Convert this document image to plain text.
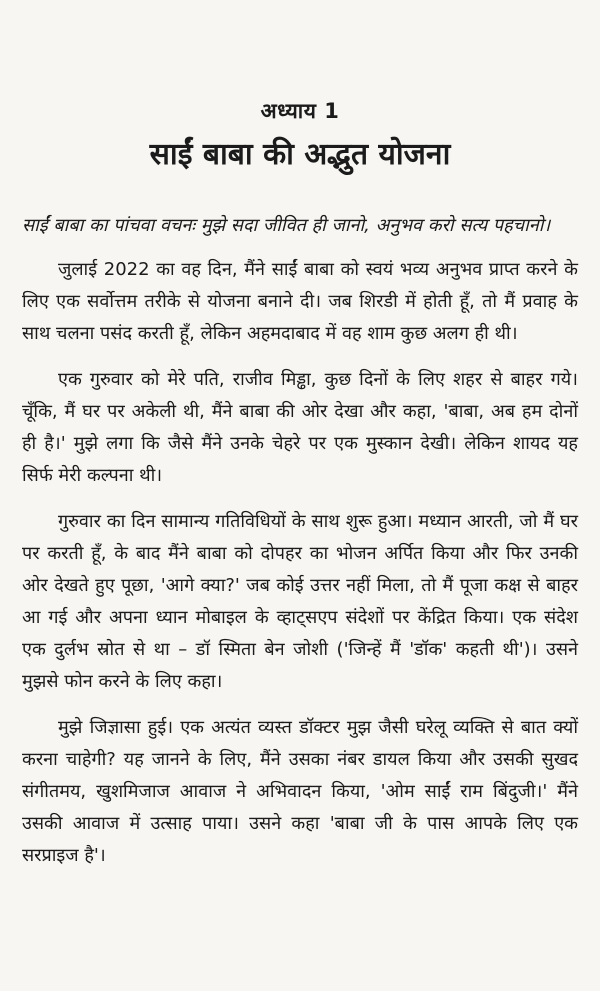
अध्याय 1
साईं बाबा की अद्भुत योजना

साईं बाबा का पांचवा वचनः मुझे सदा जीवित ही जानो, अनुभव करो सत्य पहचानो।

जुलाई 2022 का वह दिन, मैंने साईं बाबा को स्वयं भव्य अनुभव प्राप्त करने के लिए एक सर्वोत्तम तरीके से योजना बनाने दी। जब शिरडी में होती हूँ, तो मैं प्रवाह के साथ चलना पसंद करती हूँ, लेकिन अहमदाबाद में वह शाम कुछ अलग ही थी।

एक गुरुवार को मेरे पति, राजीव मिड्ढा, कुछ दिनों के लिए शहर से बाहर गये। चूँकि, मैं घर पर अकेली थी, मैंने बाबा की ओर देखा और कहा, 'बाबा, अब हम दोनों ही है।' मुझे लगा कि जैसे मैंने उनके चेहरे पर एक मुस्कान देखी। लेकिन शायद यह सिर्फ मेरी कल्पना थी।

गुरुवार का दिन सामान्य गतिविधियों के साथ शुरू हुआ। मध्यान आरती, जो मैं घर पर करती हूँ, के बाद मैंने बाबा को दोपहर का भोजन अर्पित किया और फिर उनकी ओर देखते हुए पूछा, 'आगे क्या?' जब कोई उत्तर नहीं मिला, तो मैं पूजा कक्ष से बाहर आ गई और अपना ध्यान मोबाइल के व्हाट्सएप संदेशों पर केंद्रित किया। एक संदेश एक दुर्लभ स्रोत से था – डॉ स्मिता बेन जोशी ('जिन्हें मैं 'डॉक' कहती थी')। उसने मुझसे फोन करने के लिए कहा।

मुझे जिज्ञासा हुई। एक अत्यंत व्यस्त डॉक्टर मुझ जैसी घरेलू व्यक्ति से बात क्यों करना चाहेगी? यह जानने के लिए, मैंने उसका नंबर डायल किया और उसकी सुखद संगीतमय, खुशमिजाज आवाज ने अभिवादन किया, 'ओम साईं राम बिंदुजी।' मैंने उसकी आवाज में उत्साह पाया। उसने कहा 'बाबा जी के पास आपके लिए एक सरप्राइज है'।
